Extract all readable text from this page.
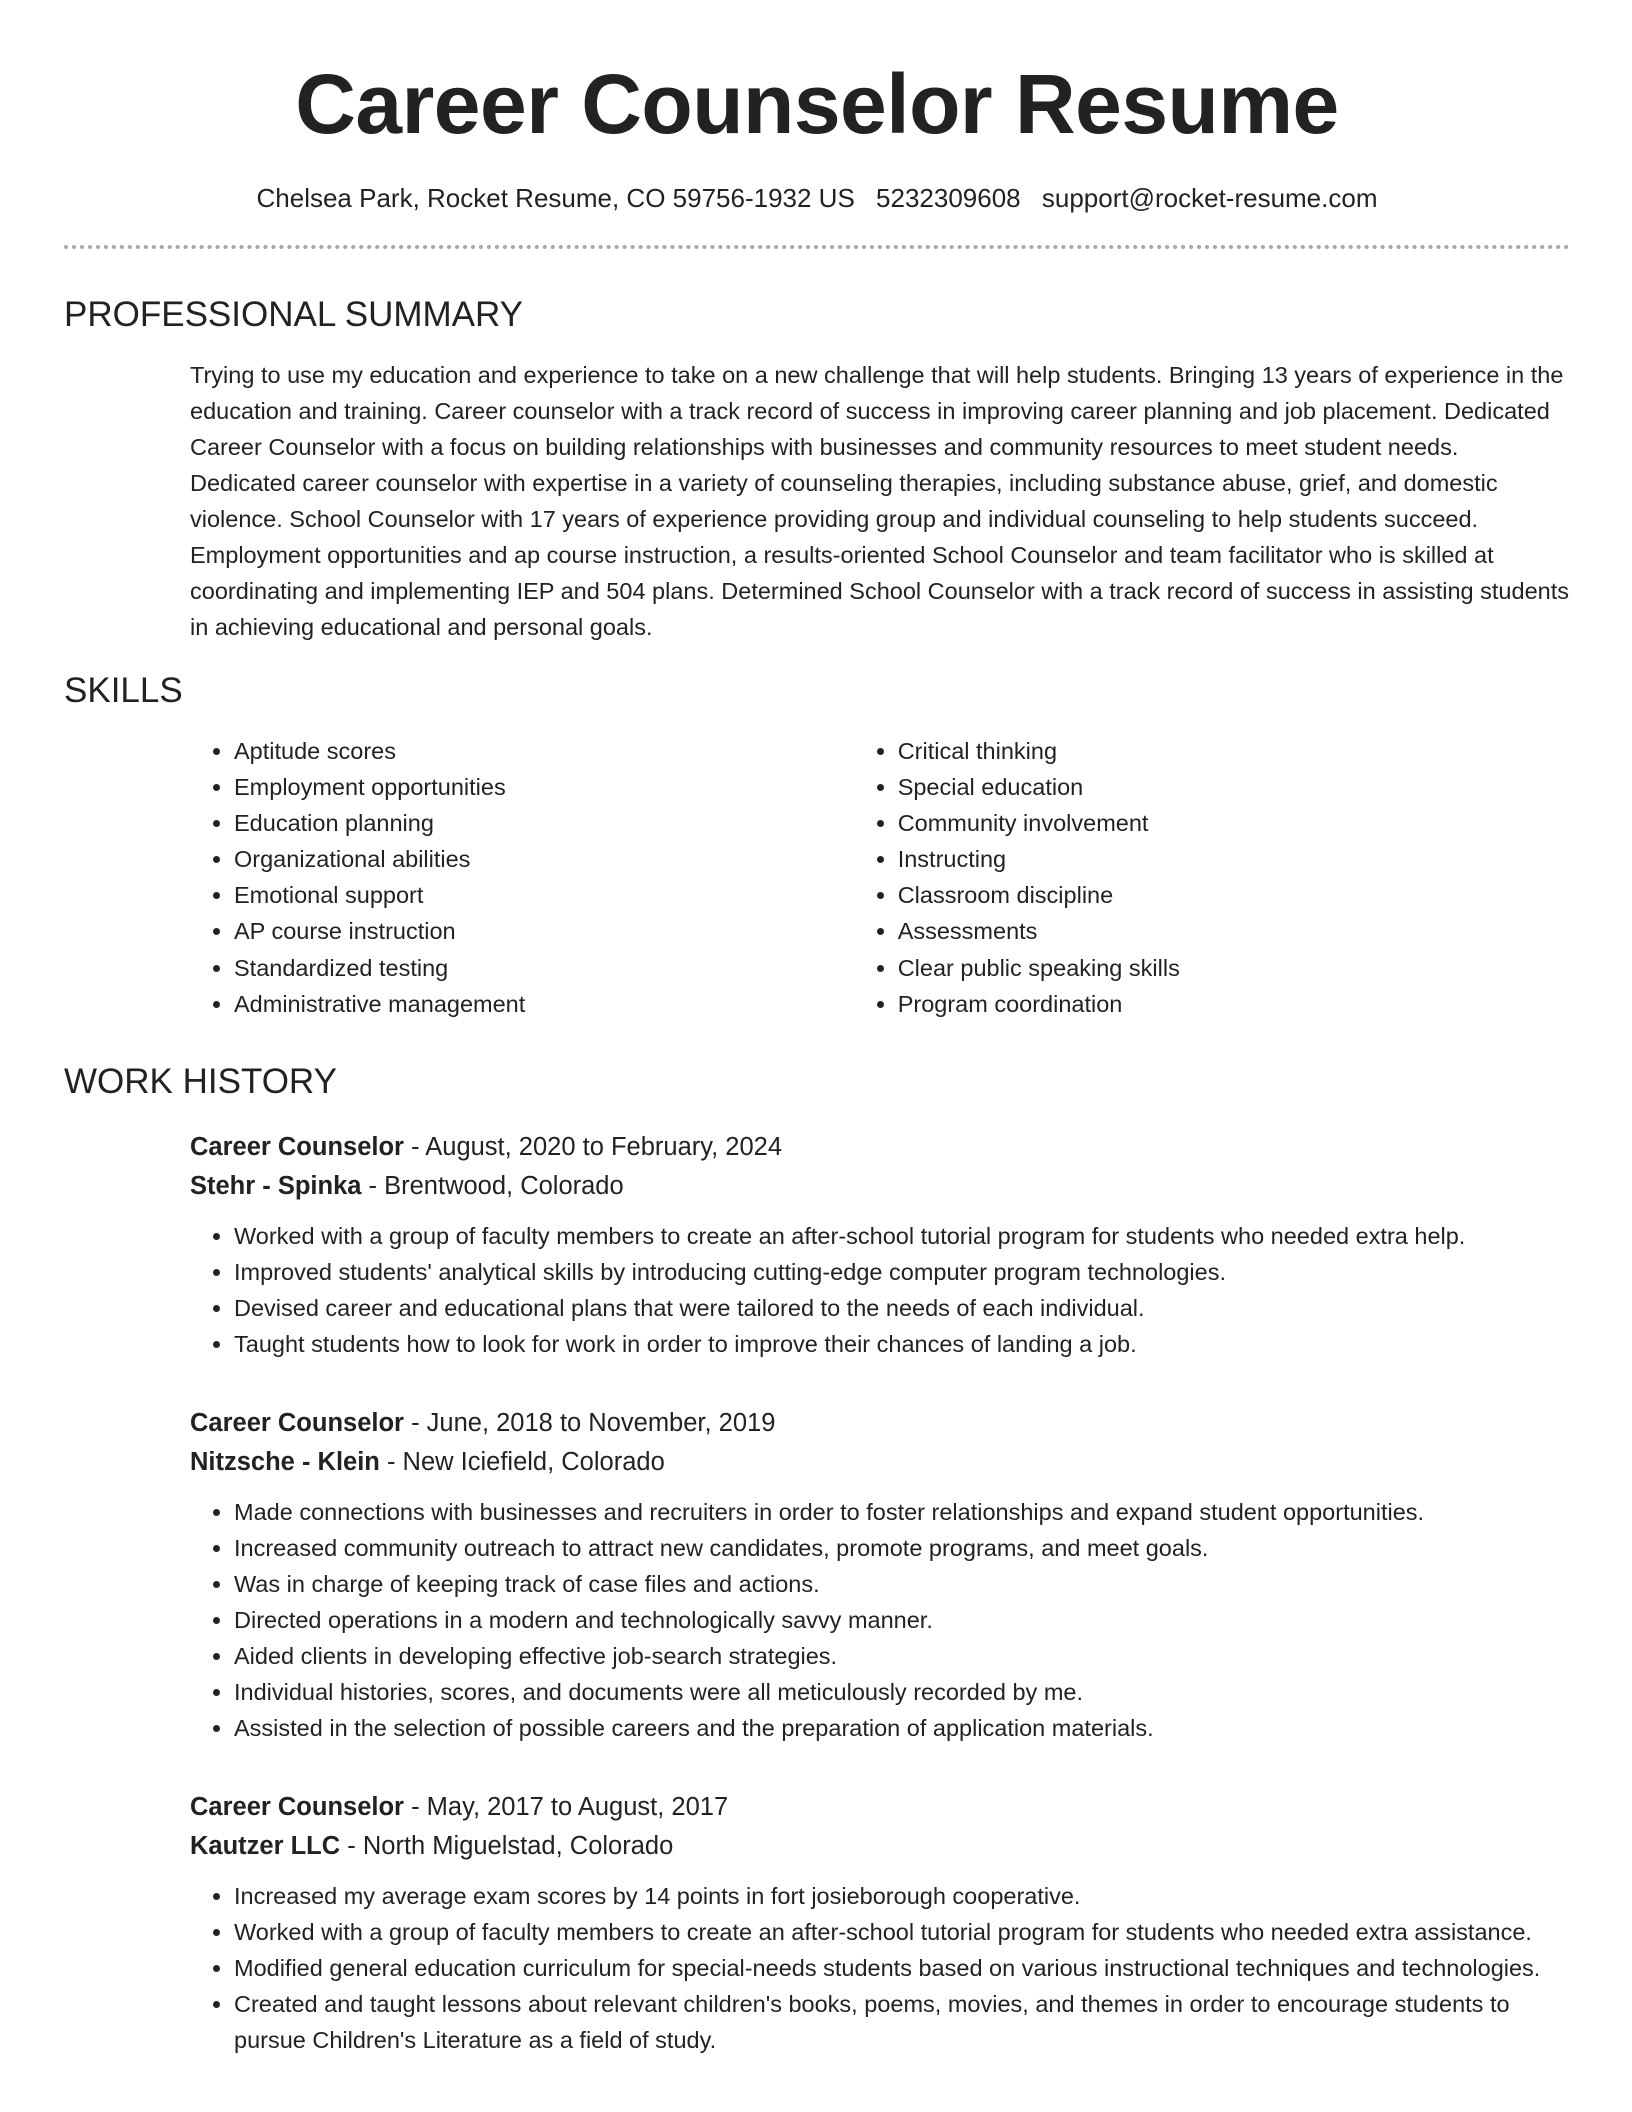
Career Counselor Resume
Chelsea Park, Rocket Resume, CO 59756-1932 US 5232309608 support@rocket-resume.com
PROFESSIONAL SUMMARY
Trying to use my education and experience to take on a new challenge that will help students. Bringing 13 years of experience in the education and training. Career counselor with a track record of success in improving career planning and job placement. Dedicated Career Counselor with a focus on building relationships with businesses and community resources to meet student needs. Dedicated career counselor with expertise in a variety of counseling therapies, including substance abuse, grief, and domestic violence. School Counselor with 17 years of experience providing group and individual counseling to help students succeed. Employment opportunities and ap course instruction, a results-oriented School Counselor and team facilitator who is skilled at coordinating and implementing IEP and 504 plans. Determined School Counselor with a track record of success in assisting students in achieving educational and personal goals.
SKILLS
• Aptitude scores
• Employment opportunities
• Education planning
• Organizational abilities
• Emotional support
• AP course instruction
• Standardized testing
• Administrative management
• Critical thinking
• Special education
• Community involvement
• Instructing
• Classroom discipline
• Assessments
• Clear public speaking skills
• Program coordination
WORK HISTORY
Career Counselor - August, 2020 to February, 2024
Stehr - Spinka - Brentwood, Colorado
• Worked with a group of faculty members to create an after-school tutorial program for students who needed extra help.
• Improved students' analytical skills by introducing cutting-edge computer program technologies.
• Devised career and educational plans that were tailored to the needs of each individual.
• Taught students how to look for work in order to improve their chances of landing a job.
Career Counselor - June, 2018 to November, 2019
Nitzsche - Klein - New Iciefield, Colorado
• Made connections with businesses and recruiters in order to foster relationships and expand student opportunities.
• Increased community outreach to attract new candidates, promote programs, and meet goals.
• Was in charge of keeping track of case files and actions.
• Directed operations in a modern and technologically savvy manner.
• Aided clients in developing effective job-search strategies.
• Individual histories, scores, and documents were all meticulously recorded by me.
• Assisted in the selection of possible careers and the preparation of application materials.
Career Counselor - May, 2017 to August, 2017
Kautzer LLC - North Miguelstad, Colorado
• Increased my average exam scores by 14 points in fort josieborough cooperative.
• Worked with a group of faculty members to create an after-school tutorial program for students who needed extra assistance.
• Modified general education curriculum for special-needs students based on various instructional techniques and technologies.
• Created and taught lessons about relevant children's books, poems, movies, and themes in order to encourage students to pursue Children's Literature as a field of study.
